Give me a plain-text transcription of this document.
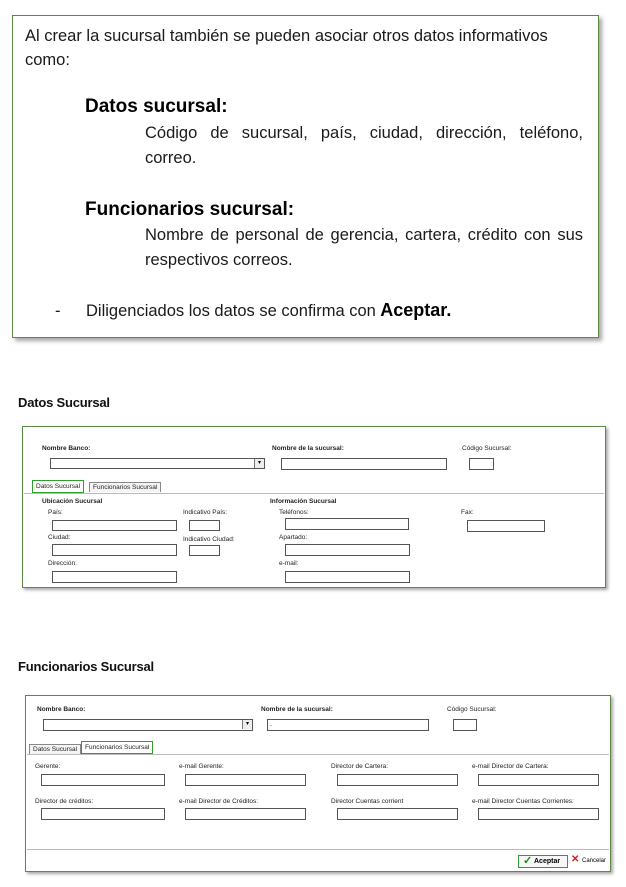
Al crear la sucursal también se pueden asociar otros datos informativos como:
Datos sucursal:
Código de sucursal, país, ciudad, dirección, teléfono, correo.
Funcionarios sucursal:
Nombre de personal de gerencia, cartera, crédito con sus respectivos correos.
- Diligenciados los datos se confirma con Aceptar.
Datos Sucursal
Nombre Banco:
▾
Nombre de la sucursal:	Código Sucursal:
Datos Sucursal	Funcionarios Sucursal
Ubicación Sucursal	Información Sucursal
País:	Indicativo País:	Teléfonos:	Fax:
Ciudad:	Indicativo Ciudad:	Apartado:
Dirección:	e-mail:
Funcionarios Sucursal
Nombre Banco:
▾
Nombre de la sucursal:
.
Código Sucursal:
Datos Sucursal	Funcionarios Sucursal
Gerente:	e-mail Gerente:	Director de Cartera:	e-mail Director de Cartera:
Director de créditos:	e-mail Director de Créditos:	Director Cuentas corrient	e-mail Director Cuentas Corrientes:
✓ Aceptar ✕ Cancelar
